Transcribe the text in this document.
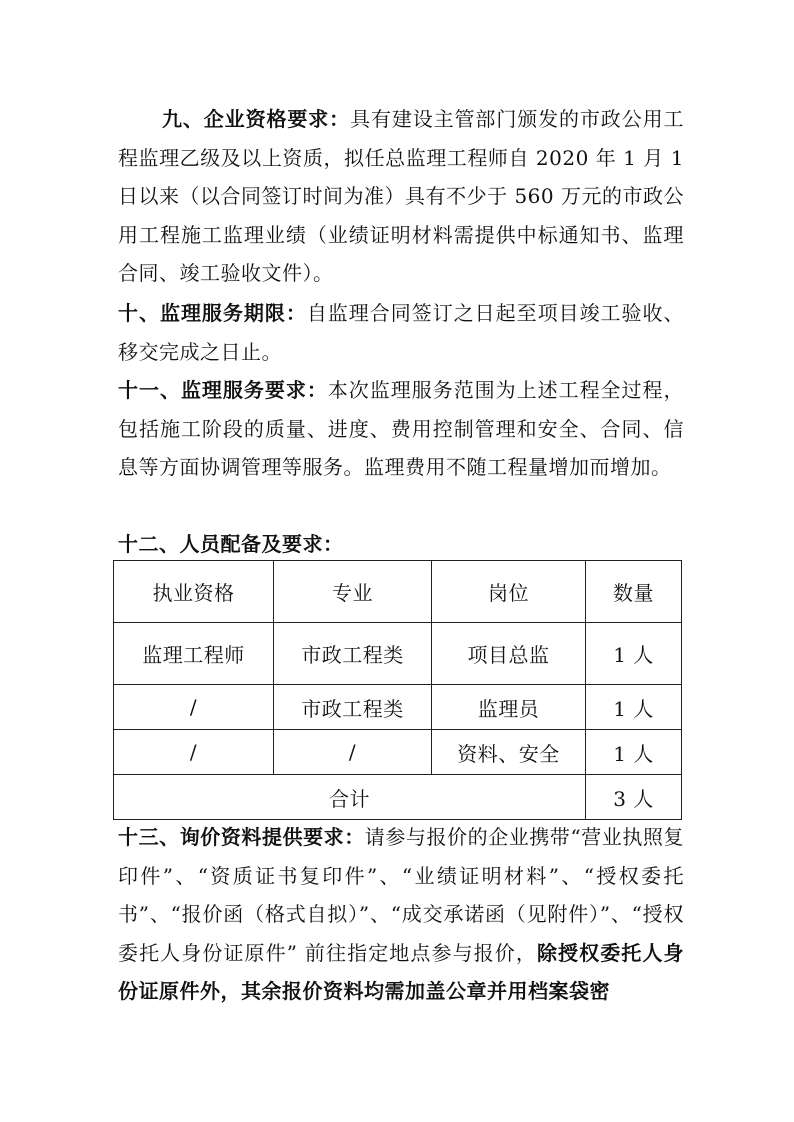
九、企业资格要求：具有建设主管部门颁发的市政公用工程监理乙级及以上资质，拟任总监理工程师自 2020 年 1 月 1 日以来（以合同签订时间为准）具有不少于 560 万元的市政公用工程施工监理业绩（业绩证明材料需提供中标通知书、监理合同、竣工验收文件）。

十、监理服务期限：自监理合同签订之日起至项目竣工验收、移交完成之日止。

十一、监理服务要求：本次监理服务范围为上述工程全过程，包括施工阶段的质量、进度、费用控制管理和安全、合同、信息等方面协调管理等服务。监理费用不随工程量增加而增加。

十二、人员配备及要求：

执业资格	专业	岗位	数量
监理工程师	市政工程类	项目总监	1 人
/	市政工程类	监理员	1 人
/	/	资料、安全	1 人
合计			3 人

十三、询价资料提供要求：请参与报价的企业携带“营业执照复印件”、“资质证书复印件”、“业绩证明材料”、“授权委托书”、“报价函（格式自拟）”、“成交承诺函（见附件）”、“授权委托人身份证原件” 前往指定地点参与报价，除授权委托人身份证原件外，其余报价资料均需加盖公章并用档案袋密
